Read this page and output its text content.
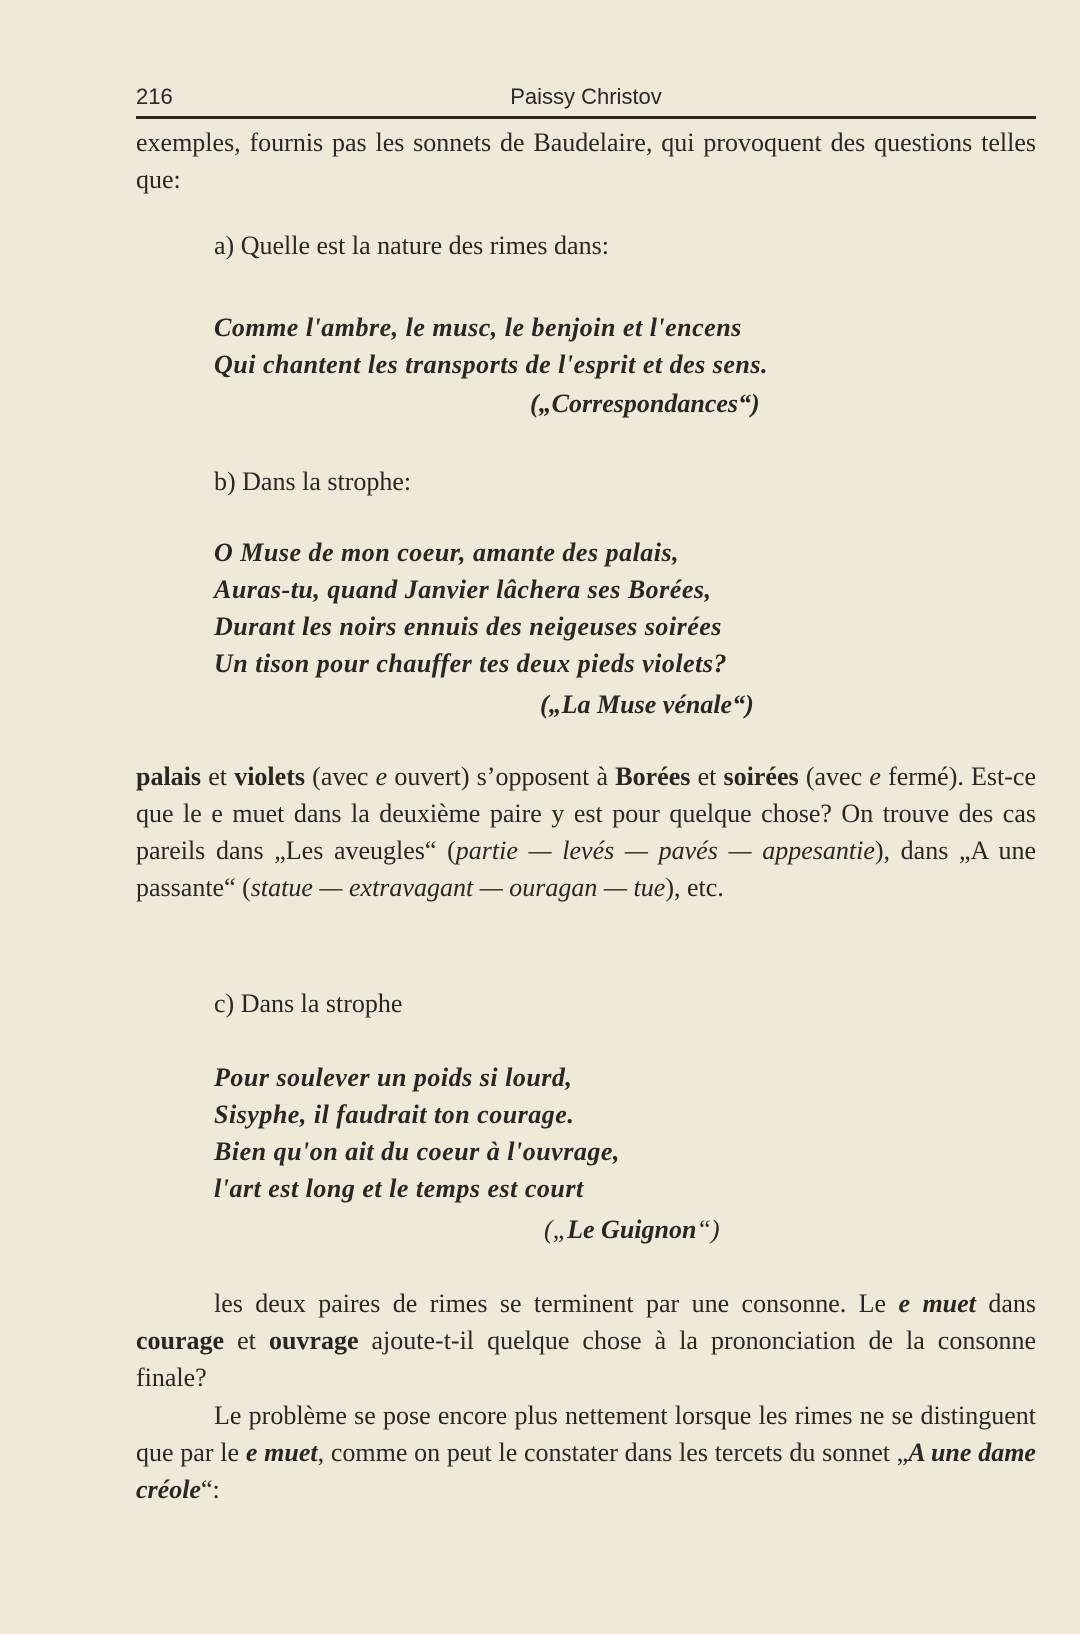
216	Paissy Christov

exemples, fournis pas les sonnets de Baudelaire, qui provoquent des questions telles que:

a) Quelle est la nature des rimes dans:

Comme l'ambre, le musc, le benjoin et l'encens
Qui chantent les transports de l'esprit et des sens.

(„Correspondances“)

b) Dans la strophe:

O Muse de mon coeur, amante des palais,
Auras-tu, quand Janvier lâchera ses Borées,
Durant les noirs ennuis des neigeuses soirées
Un tison pour chauffer tes deux pieds violets?

(„La Muse vénale“)

palais et violets (avec e ouvert) s’opposent à Borées et soirées (avec e fermé). Est-ce que le e muet dans la deuxième paire y est pour quelque chose? On trouve des cas pareils dans „Les aveugles“ (partie — levés — pavés — appesantie), dans „A une passante“ (statue — extravagant — ouragan — tue), etc.

c) Dans la strophe

Pour soulever un poids si lourd,
Sisyphe, il faudrait ton courage.
Bien qu'on ait du coeur à l'ouvrage,
l'art est long et le temps est court

(„Le Guignon“)

les deux paires de rimes se terminent par une consonne. Le e muet dans courage et ouvrage ajoute-t-il quelque chose à la prononciation de la consonne finale?

Le problème se pose encore plus nettement lorsque les rimes ne se distinguent que par le e muet, comme on peut le constater dans les tercets du sonnet „A une dame créole“:
